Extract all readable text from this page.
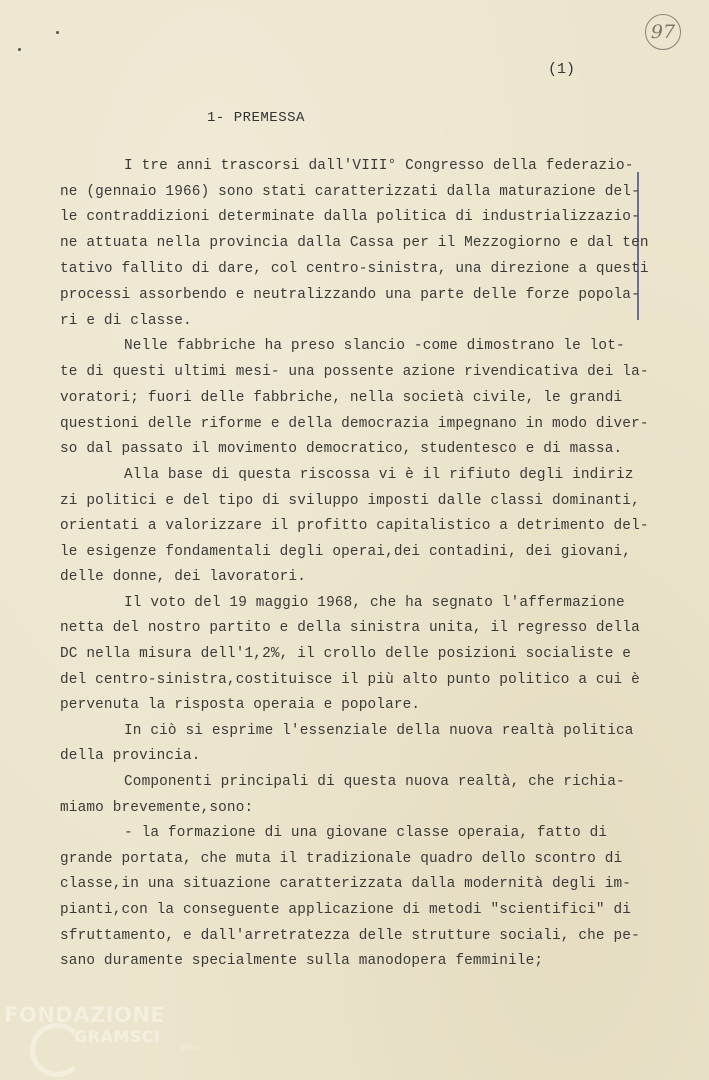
97
(1)
1- PREMESSA
I tre anni trascorsi dall'VIII° Congresso della federazio-
ne (gennaio 1966) sono stati caratterizzati dalla maturazione del-
le contraddizioni determinate dalla politica di industrializzazio-
ne attuata nella provincia dalla Cassa per il Mezzogiorno e dal ten
tativo fallito di dare, col centro-sinistra, una direzione a questi
processi assorbendo e neutralizzando una parte delle forze popola-
ri e di classe.
Nelle fabbriche ha preso slancio -come dimostrano le lot-
te di questi ultimi mesi- una possente azione rivendicativa dei la-
voratori; fuori delle fabbriche, nella società civile, le grandi
questioni delle riforme e della democrazia impegnano in modo diver-
so dal passato il movimento democratico, studentesco e di massa.
Alla base di questa riscossa vi è il rifiuto degli indiriz
zi politici e del tipo di sviluppo imposti dalle classi dominanti,
orientati a valorizzare il profitto capitalistico a detrimento del-
le esigenze fondamentali degli operai,dei contadini, dei giovani,
delle donne, dei lavoratori.
Il voto del 19 maggio 1968, che ha segnato l'affermazione
netta del nostro partito e della sinistra unita, il regresso della
DC nella misura dell'1,2%, il crollo delle posizioni socialiste e
del centro-sinistra,costituisce il più alto punto politico a cui è
pervenuta la risposta operaia e popolare.
In ciò si esprime l'essenziale della nuova realtà politica
della provincia.
Componenti principali di questa nuova realtà, che richia-
miamo brevemente,sono:
- la formazione di una giovane classe operaia, fatto di
grande portata, che muta il tradizionale quadro dello scontro di
classe,in una situazione caratterizzata dalla modernità degli im-
pianti,con la conseguente applicazione di metodi "scientifici" di
sfruttamento, e dall'arretratezza delle strutture sociali, che pe-
sano duramente specialmente sulla manodopera femminile;
FONDAZIONE
GRAMSCI
onlus
